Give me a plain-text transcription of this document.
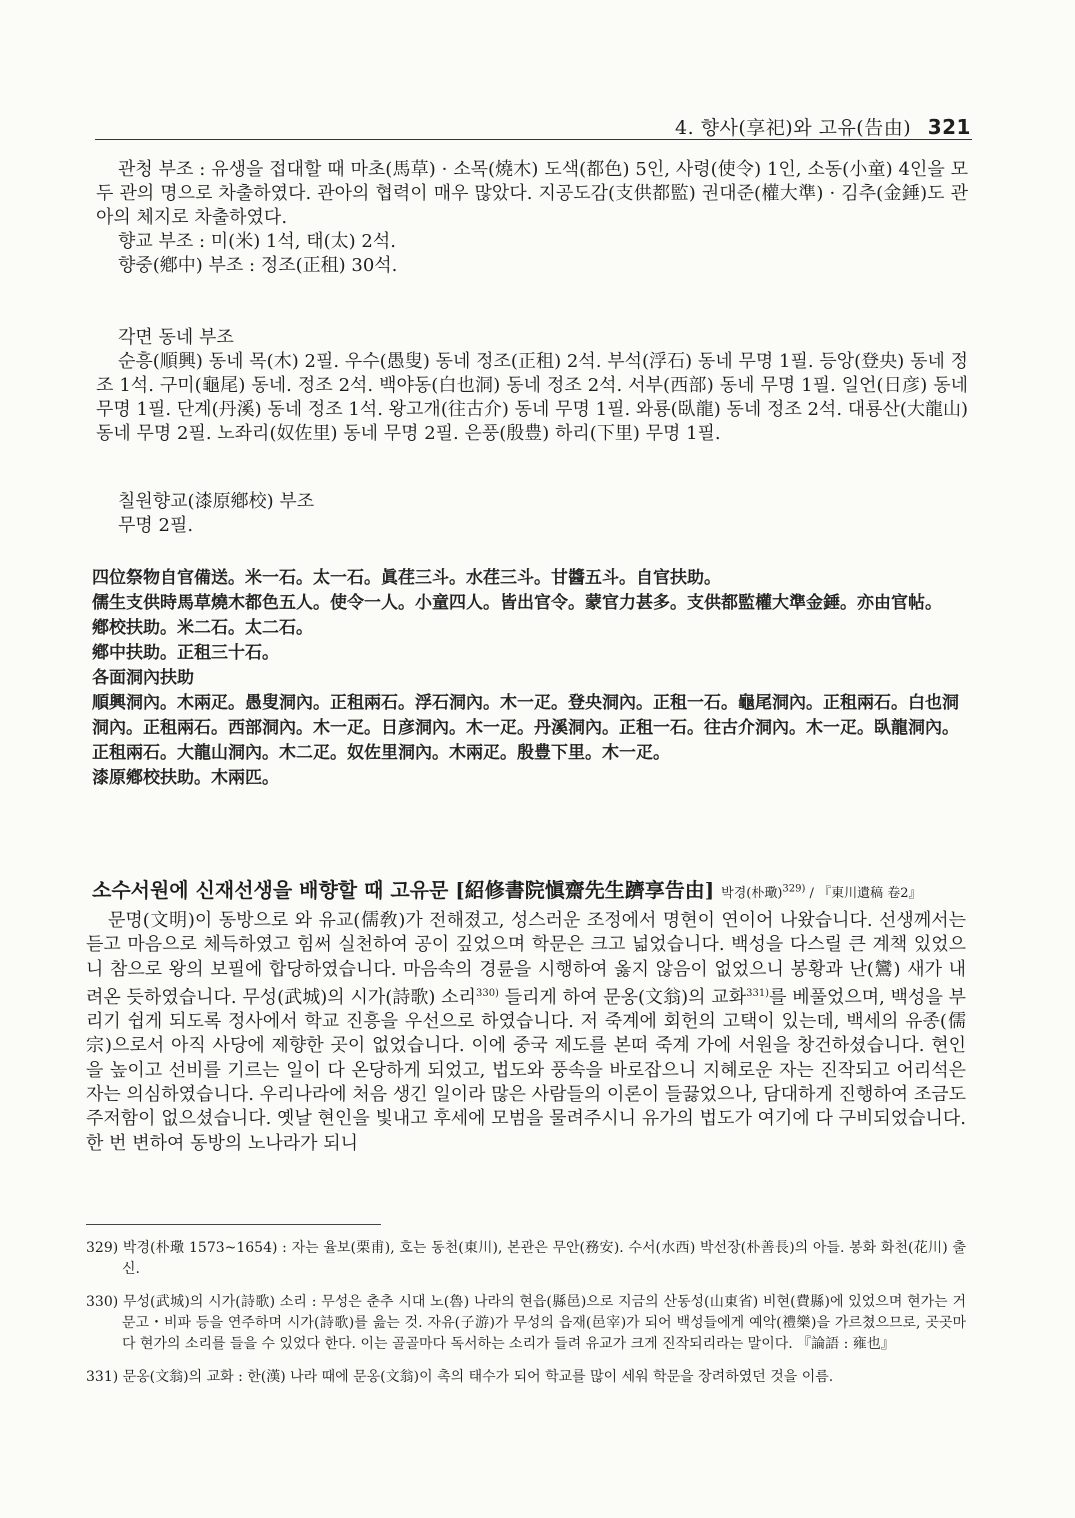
4. 향사(享祀)와 고유(告由) 321

관청 부조 : 유생을 접대할 때 마초(馬草) · 소목(燒木) 도색(都色) 5인, 사령(使令) 1인, 소동(小童) 4인을 모두 관의 명으로 차출하였다. 관아의 협력이 매우 많았다. 지공도감(支供都監) 권대준(權大準) · 김추(金錘)도 관아의 체지로 차출하였다.

향교 부조 : 미(米) 1석, 태(太) 2석.

향중(鄕中) 부조 : 정조(正租) 30석.

각면 동네 부조

순흥(順興) 동네 목(木) 2필. 우수(愚叟) 동네 정조(正租) 2석. 부석(浮石) 동네 무명 1필. 등앙(登央) 동네 정조 1석. 구미(龜尾) 동네. 정조 2석. 백야동(白也洞) 동네 정조 2석. 서부(西部) 동네 무명 1필. 일언(日彦) 동네 무명 1필. 단계(丹溪) 동네 정조 1석. 왕고개(往古介) 동네 무명 1필. 와룡(臥龍) 동네 정조 2석. 대룡산(大龍山) 동네 무명 2필. 노좌리(奴佐里) 동네 무명 2필. 은풍(殷豊) 하리(下里) 무명 1필.

칠원향교(漆原鄕校) 부조

무명 2필.

四位祭物自官備送。米一石。太一石。眞荏三斗。水荏三斗。甘醬五斗。自官扶助。

儒生支供時馬草燒木都色五人。使令一人。小童四人。皆出官令。蒙官力甚多。支供都監權大準金錘。亦由官帖。

鄕校扶助。米二石。太二石。

鄕中扶助。正租三十石。

各面洞內扶助

順興洞內。木兩疋。愚叟洞內。正租兩石。浮石洞內。木一疋。登央洞內。正租一石。龜尾洞內。正租兩石。白也洞洞內。正租兩石。西部洞內。木一疋。日彦洞內。木一疋。丹溪洞內。正租一石。往古介洞內。木一疋。臥龍洞內。正租兩石。大龍山洞內。木二疋。奴佐里洞內。木兩疋。殷豊下里。木一疋。

漆原鄕校扶助。木兩匹。

소수서원에 신재선생을 배향할 때 고유문 [紹修書院愼齋先生躋享告由] 박경(朴璥)$^{329)}$ / 『東川遺稿 卷2』

문명(文明)이 동방으로 와 유교(儒敎)가 전해졌고, 성스러운 조정에서 명현이 연이어 나왔습니다. 선생께서는 듣고 마음으로 체득하였고 힘써 실천하여 공이 깊었으며 학문은 크고 넓었습니다. 백성을 다스릴 큰 계책 있었으니 참으로 왕의 보필에 합당하였습니다. 마음속의 경륜을 시행하여 옳지 않음이 없었으니 봉황과 난(鸞) 새가 내려온 듯하였습니다. 무성(武城)의 시가(詩歌) 소리$^{330)}$ 들리게 하여 문옹(文翁)의 교화$^{331)}$를 베풀었으며, 백성을 부리기 쉽게 되도록 정사에서 학교 진흥을 우선으로 하였습니다. 저 죽계에 회헌의 고택이 있는데, 백세의 유종(儒宗)으로서 아직 사당에 제향한 곳이 없었습니다. 이에 중국 제도를 본떠 죽계 가에 서원을 창건하셨습니다. 현인을 높이고 선비를 기르는 일이 다 온당하게 되었고, 법도와 풍속을 바로잡으니 지혜로운 자는 진작되고 어리석은 자는 의심하였습니다. 우리나라에 처음 생긴 일이라 많은 사람들의 이론이 들끓었으나, 담대하게 진행하여 조금도 주저함이 없으셨습니다. 옛날 현인을 빛내고 후세에 모범을 물려주시니 유가의 법도가 여기에 다 구비되었습니다. 한 번 변하여 동방의 노나라가 되니

329) 박경(朴璥 1573~1654) : 자는 율보(栗甫), 호는 동천(東川), 본관은 무안(務安). 수서(水西) 박선장(朴善長)의 아들. 봉화 화천(花川) 출신.

330) 무성(武城)의 시가(詩歌) 소리 : 무성은 춘추 시대 노(魯) 나라의 현읍(縣邑)으로 지금의 산동성(山東省) 비현(費縣)에 있었으며 현가는 거문고・비파 등을 연주하며 시가(詩歌)를 읊는 것. 자유(子游)가 무성의 읍재(邑宰)가 되어 백성들에게 예악(禮樂)을 가르쳤으므로, 곳곳마다 현가의 소리를 들을 수 있었다 한다. 이는 골골마다 독서하는 소리가 들려 유교가 크게 진작되리라는 말이다. 『論語 : 雍也』

331) 문옹(文翁)의 교화 : 한(漢) 나라 때에 문옹(文翁)이 촉의 태수가 되어 학교를 많이 세워 학문을 장려하였던 것을 이름.
